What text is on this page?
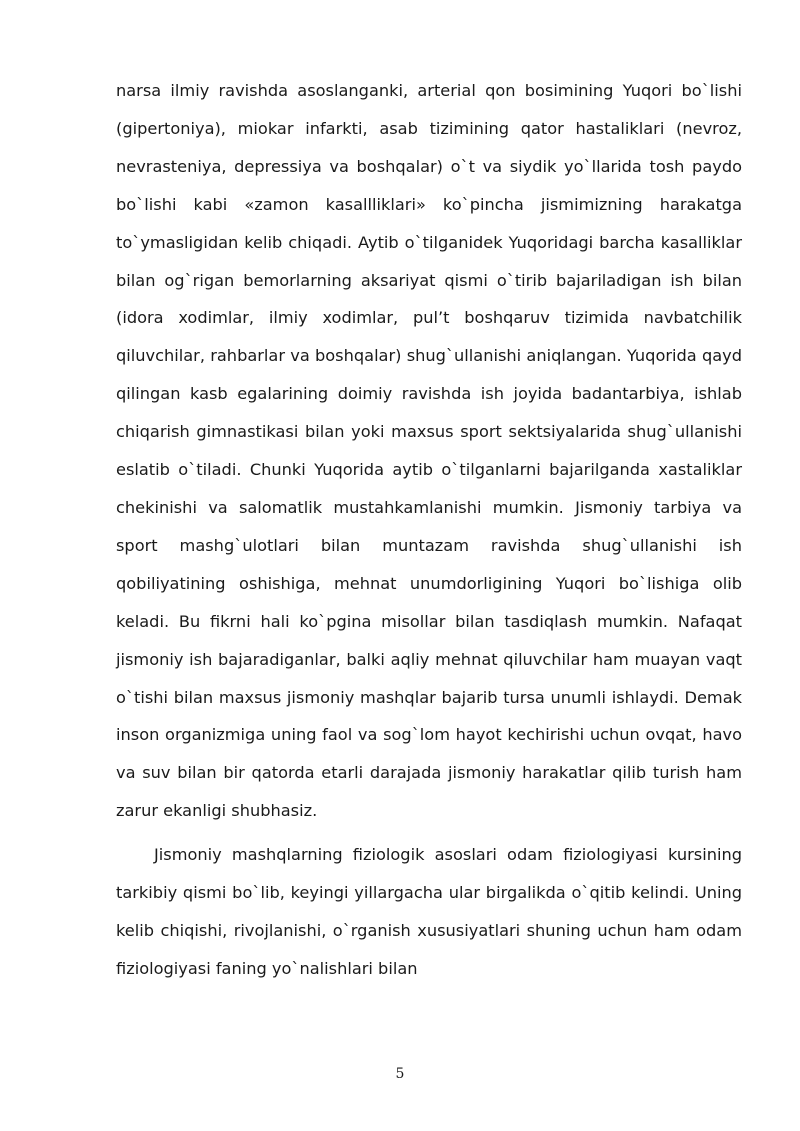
narsa ilmiy ravishda asoslanganki, arterial qon bosimining Yuqori bo`lishi (gipertoniya), miokar infarkti, asab tizimining qator hastaliklari (nevroz, nevrasteniya, depressiya va boshqalar) o`t va siydik yo`llarida tosh paydo bo`lishi kabi «zamon kasallliklari» ko`pincha jismimizning harakatga to`ymasligidan kelib chiqadi. Aytib o`tilganidek Yuqoridagi barcha kasalliklar bilan og`rigan bemorlarning aksariyat qismi o`tirib bajariladigan ish bilan (idora xodimlar, ilmiy xodimlar, pul’t boshqaruv tizimida navbatchilik qiluvchilar, rahbarlar va boshqalar) shug`ullanishi aniqlangan. Yuqorida qayd qilingan kasb egalarining doimiy ravishda ish joyida badantarbiya, ishlab chiqarish gimnastikasi bilan yoki maxsus sport sektsiyalarida shug`ullanishi eslatib o`tiladi. Chunki Yuqorida aytib o`tilganlarni bajarilganda xastaliklar chekinishi va salomatlik mustahkamlanishi mumkin. Jismoniy tarbiya va sport mashg`ulotlari bilan muntazam ravishda shug`ullanishi ish qobiliyatining oshishiga, mehnat unumdorligining Yuqori bo`lishiga olib keladi. Bu fikrni hali ko`pgina misollar bilan tasdiqlash mumkin. Nafaqat jismoniy ish bajaradiganlar, balki aqliy mehnat qiluvchilar ham muayan vaqt o`tishi bilan maxsus jismoniy mashqlar bajarib tursa unumli ishlaydi. Demak inson organizmiga uning faol va sog`lom hayot kechirishi uchun ovqat, havo va suv bilan bir qatorda etarli darajada jismoniy harakatlar qilib turish ham zarur ekanligi shubhasiz.

Jismoniy mashqlarning fiziologik asoslari odam fiziologiyasi kursining tarkibiy qismi bo`lib, keyingi yillargacha ular birgalikda o`qitib kelindi. Uning kelib chiqishi, rivojlanishi, o`rganish xususiyatlari shuning uchun ham odam fiziologiyasi faning yo`nalishlari bilan

5
